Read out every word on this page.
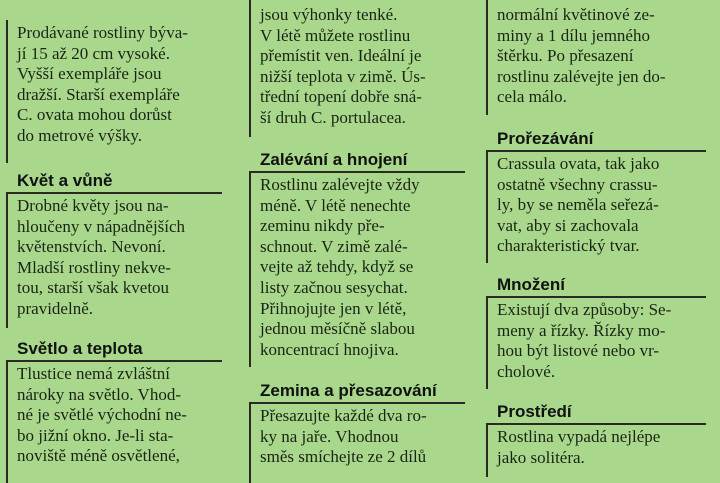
Prodávané rostliny býva-
jí 15 až 20 cm vysoké.
Vyšší exempláře jsou
dražší. Starší exempláře
C. ovata mohou dorůst
do metrové výšky.
Květ a vůně
Drobné květy jsou na-
hloučeny v nápadnějších
květenstvích. Nevoní.
Mladší rostliny nekve-
tou, starší však kvetou
pravidelně.
Světlo a teplota
Tlustice nemá zvláštní
nároky na světlo. Vhod-
né je světlé východní ne-
bo jižní okno. Je-li sta-
noviště méně osvětlené,
jsou výhonky tenké.
V létě můžete rostlinu
přemístit ven. Ideální je
nižší teplota v zimě. Ús-
třední topení dobře sná-
ší druh C. portulacea.
Zalévání a hnojení
Rostlinu zalévejte vždy
méně. V létě nenechte
zeminu nikdy pře-
schnout. V zimě zalé-
vejte až tehdy, když se
listy začnou sesychat.
Přihnojujte jen v létě,
jednou měsíčně slabou
koncentrací hnojiva.
Zemina a přesazování
Přesazujte každé dva ro-
ky na jaře. Vhodnou
směs smíchejte ze 2 dílů
normální květinové ze-
miny a 1 dílu jemného
štěrku. Po přesazení
rostlinu zalévejte jen do-
cela málo.
Prořezávání
Crassula ovata, tak jako
ostatně všechny crassu-
ly, by se neměla seřezá-
vat, aby si zachovala
charakteristický tvar.
Množení
Existují dva způsoby: Se-
meny a řízky. Řízky mo-
hou být listové nebo vr-
cholové.
Prostředí
Rostlina vypadá nejlépe
jako solitéra.
